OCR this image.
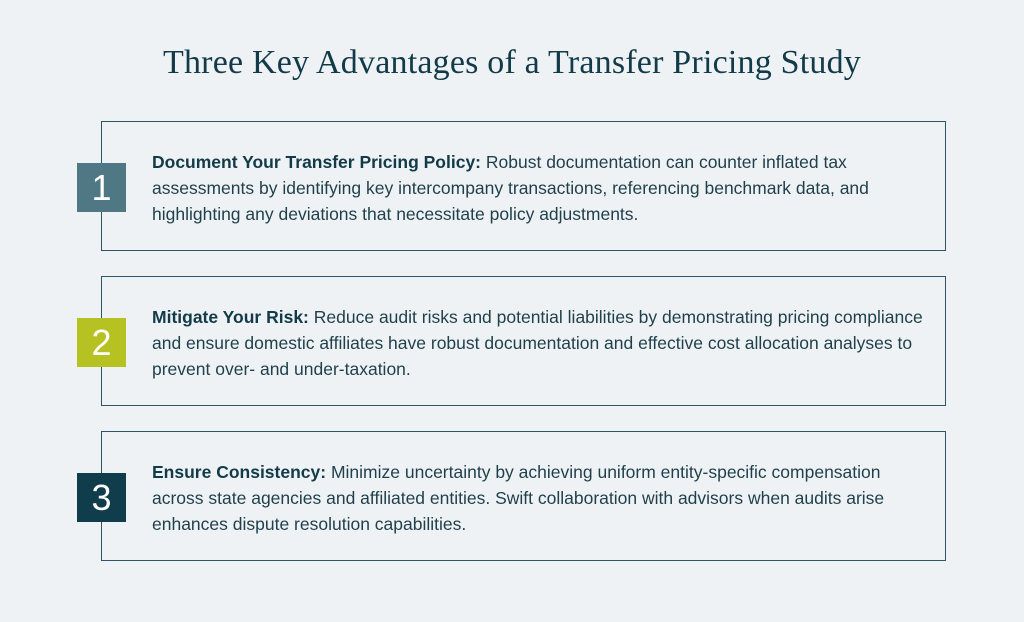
Three Key Advantages of a Transfer Pricing Study
1
Document Your Transfer Pricing Policy: Robust documentation can counter inflated tax assessments by identifying key intercompany transactions, referencing benchmark data, and highlighting any deviations that necessitate policy adjustments.
2
Mitigate Your Risk: Reduce audit risks and potential liabilities by demonstrating pricing compliance and ensure domestic affiliates have robust documentation and effective cost allocation analyses to prevent over- and under-taxation.
3
Ensure Consistency: Minimize uncertainty by achieving uniform entity-specific compensation across state agencies and affiliated entities. Swift collaboration with advisors when audits arise enhances dispute resolution capabilities.
